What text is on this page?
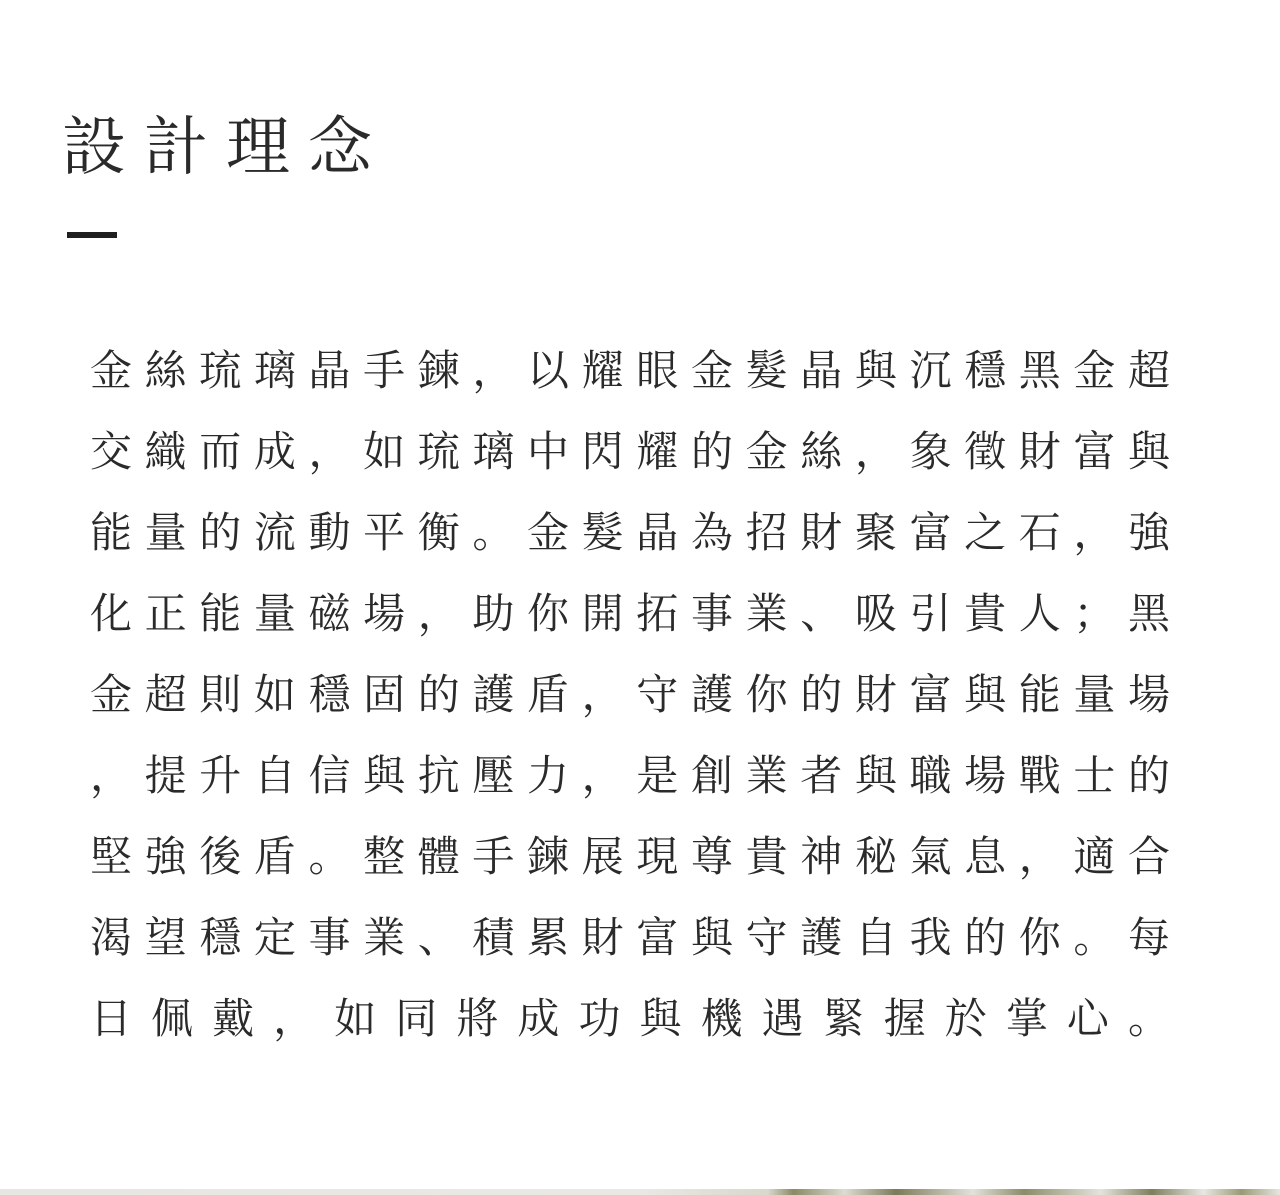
設計理念
金絲琉璃晶手鍊，以耀眼金髮晶與沉穩黑金超
交織而成，如琉璃中閃耀的金絲，象徵財富與
能量的流動平衡。金髮晶為招財聚富之石，強
化正能量磁場，助你開拓事業、吸引貴人；黑
金超則如穩固的護盾，守護你的財富與能量場
，提升自信與抗壓力，是創業者與職場戰士的
堅強後盾。整體手鍊展現尊貴神秘氣息，適合
渴望穩定事業、積累財富與守護自我的你。每
日佩戴，如同將成功與機遇緊握於掌心。
